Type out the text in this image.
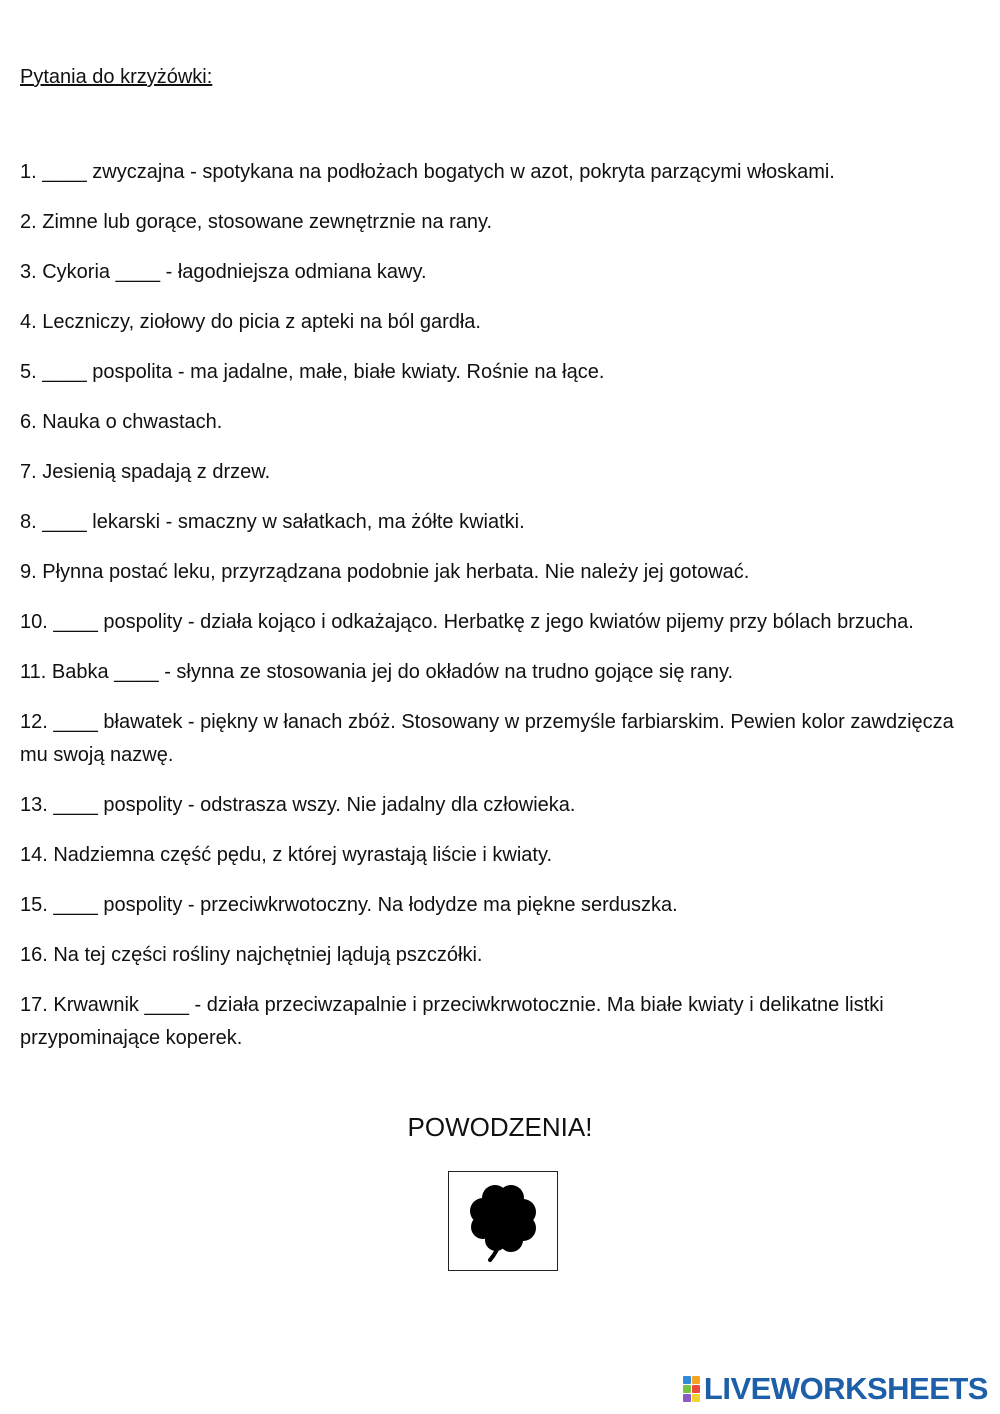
Pytania do krzyżówki:

1. ____ zwyczajna - spotykana na podłożach bogatych w azot, pokryta parzącymi włoskami.

2. Zimne lub gorące, stosowane zewnętrznie na rany.

3. Cykoria ____ - łagodniejsza odmiana kawy.

4. Leczniczy, ziołowy do picia z apteki na ból gardła.

5. ____ pospolita - ma jadalne, małe, białe kwiaty. Rośnie na łące.

6. Nauka o chwastach.

7. Jesienią spadają z drzew.

8. ____ lekarski - smaczny w sałatkach, ma żółte kwiatki.

9. Płynna postać leku, przyrządzana podobnie jak herbata. Nie należy jej gotować.

10. ____ pospolity - działa kojąco i odkażająco. Herbatkę z jego kwiatów pijemy przy bólach brzucha.

11. Babka ____ - słynna ze stosowania jej do okładów na trudno gojące się rany.

12. ____ bławatek - piękny w łanach zbóż. Stosowany w przemyśle farbiarskim. Pewien kolor zawdzięcza mu swoją nazwę.

13. ____ pospolity - odstrasza wszy. Nie jadalny dla człowieka.

14. Nadziemna część pędu, z której wyrastają liście i kwiaty.

15. ____ pospolity - przeciwkrwotoczny. Na łodydze ma piękne serduszka.

16. Na tej części rośliny najchętniej lądują pszczółki.

17. Krwawnik ____ - działa przeciwzapalnie i przeciwkrwotocznie. Ma białe kwiaty i delikatne listki przypominające koperek.

POWODZENIA!
LIVEWORKSHEETS
